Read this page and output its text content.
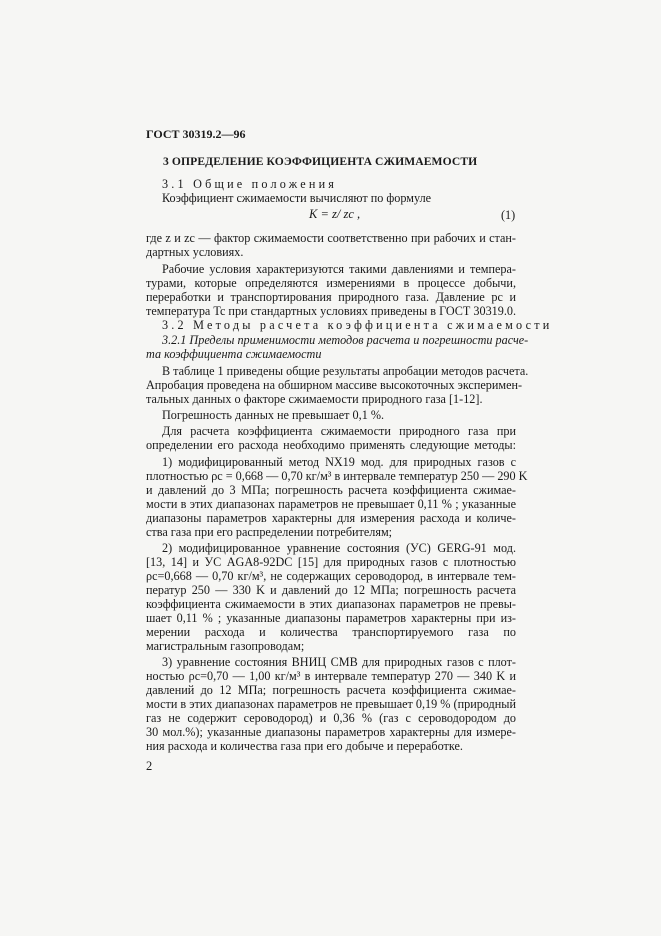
ГОСТ 30319.2—96
3 ОПРЕДЕЛЕНИЕ КОЭФФИЦИЕНТА СЖИМАЕМОСТИ
3.1 Общие положения
Коэффициент сжимаемости вычисляют по формуле
K = z/ zc ,	(1)
где z и zc — фактор сжимаемости соответственно при рабочих и стан-
дартных условиях.
Рабочие условия характеризуются такими давлениями и темпера-
турами, которые определяются измерениями в процессе добычи,
переработки и транспортирования природного газа. Давление pc и
температура Tc при стандартных условиях приведены в ГОСТ 30319.0.
3.2 Методы расчета коэффициента сжимаемости
3.2.1 Пределы применимости методов расчета и погрешности расче-
та коэффициента сжимаемости
В таблице 1 приведены общие результаты апробации методов расчета.
Апробация проведена на обширном массиве высокоточных эксперимен-
тальных данных о факторе сжимаемости природного газа [1-12].
Погрешность данных не превышает 0,1 %.
Для расчета коэффициента сжимаемости природного газа при
определении его расхода необходимо применять следующие методы:
1) модифицированный метод NX19 мод. для природных газов с
плотностью ρc = 0,668 — 0,70 кг/м³ в интервале температур 250 — 290 K
и давлений до 3 МПа; погрешность расчета коэффициента сжимае-
мости в этих диапазонах параметров не превышает 0,11 % ; указанные
диапазоны параметров характерны для измерения расхода и количе-
ства газа при его распределении потребителям;
2) модифицированное уравнение состояния (УС) GERG-91 мод.
[13, 14] и УС AGA8-92DC [15] для природных газов с плотностью
ρc=0,668 — 0,70 кг/м³, не содержащих сероводород, в интервале тем-
ператур 250 — 330 K и давлений до 12 МПа; погрешность расчета
коэффициента сжимаемости в этих диапазонах параметров не превы-
шает 0,11 % ; указанные диапазоны параметров характерны при из-
мерении расхода и количества транспортируемого газа по
магистральным газопроводам;
3) уравнение состояния ВНИЦ СМВ для природных газов с плот-
ностью ρc=0,70 — 1,00 кг/м³ в интервале температур 270 — 340 K и
давлений до 12 МПа; погрешность расчета коэффициента сжимае-
мости в этих диапазонах параметров не превышает 0,19 % (природный
газ не содержит сероводород) и 0,36 % (газ с сероводородом до
30 мол.%); указанные диапазоны параметров характерны для измере-
ния расхода и количества газа при его добыче и переработке.
2
